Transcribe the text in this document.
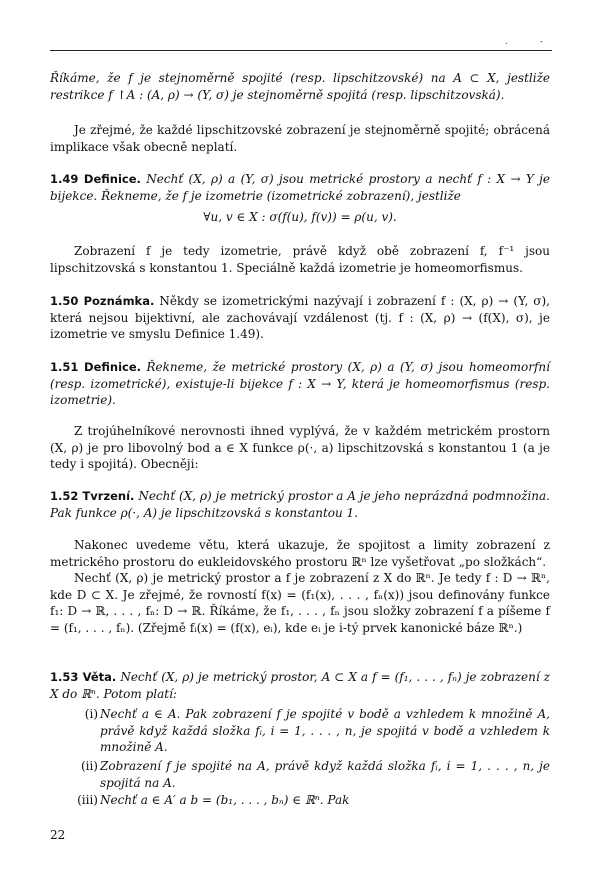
.	-
Říkáme, že f je stejnoměrně spojité (resp. lipschitzovské) na A ⊂ X, jestliže restrikce f ↾A : (A, ρ) → (Y, σ) je stejnoměrně spojitá (resp. lipschitzovská).
Je zřejmé, že každé lipschitzovské zobrazení je stejnoměrně spojité; obrácená implikace však obecně neplatí.
1.49 Definice. Nechť (X, ρ) a (Y, σ) jsou metrické prostory a nechť f : X → Y je bijekce. Řekneme, že f je izometrie (izometrické zobrazení), jestliže
∀u, v ∈ X : σ(f(u), f(v)) = ρ(u, v).
Zobrazení f je tedy izometrie, právě když obě zobrazení f, f⁻¹ jsou lipschitzovská s konstantou 1. Speciálně každá izometrie je homeomorfismus.
1.50 Poznámka. Někdy se izometrickými nazývají i zobrazení f : (X, ρ) → (Y, σ), která nejsou bijektivní, ale zachovávají vzdálenost (tj. f : (X, ρ) → (f(X), σ), je izometrie ve smyslu Definice 1.49).
1.51 Definice. Řekneme, že metrické prostory (X, ρ) a (Y, σ) jsou homeomorfní (resp. izometrické), existuje-li bijekce f : X → Y, která je homeomorfismus (resp. izometrie).
Z trojúhelníkové nerovnosti ihned vyplývá, že v každém metrickém prostorn (X, ρ) je pro libovolný bod a ∈ X funkce ρ(·, a) lipschitzovská s konstantou 1 (a je tedy i spojitá). Obecněji:
1.52 Tvrzení. Nechť (X, ρ) je metrický prostor a A je jeho neprázdná podmnožina. Pak funkce ρ(·, A) je lipschitzovská s konstantou 1.
Nakonec uvedeme větu, která ukazuje, že spojitost a limity zobrazení z metrického prostoru do eukleidovského prostoru ℝⁿ lze vyšetřovat „po složkách“.
Nechť (X, ρ) je metrický prostor a f je zobrazení z X do ℝⁿ. Je tedy f : D → ℝⁿ, kde D ⊂ X. Je zřejmé, že rovností f(x) = (f₁(x), . . . , fₙ(x)) jsou definovány funkce f₁: D → ℝ, . . . , fₙ: D → ℝ. Říkáme, že f₁, . . . , fₙ jsou složky zobrazení f a píšeme f = (f₁, . . . , fₙ). (Zřejmě fᵢ(x) = (f(x), eᵢ), kde eᵢ je i-tý prvek kanonické báze ℝⁿ.)
1.53 Věta. Nechť (X, ρ) je metrický prostor, A ⊂ X a f = (f₁, . . . , fₙ) je zobrazení z X do ℝⁿ. Potom platí:
(i) Nechť a ∈ A. Pak zobrazení f je spojité v bodě a vzhledem k množině A, právě když každá složka fᵢ, i = 1, . . . , n, je spojitá v bodě a vzhledem k množině A.
(ii) Zobrazení f je spojité na A, právě když každá složka fᵢ, i = 1, . . . , n, je spojitá na A.
(iii) Nechť a ∈ A′ a b = (b₁, . . . , bₙ) ∈ ℝⁿ. Pak
22
